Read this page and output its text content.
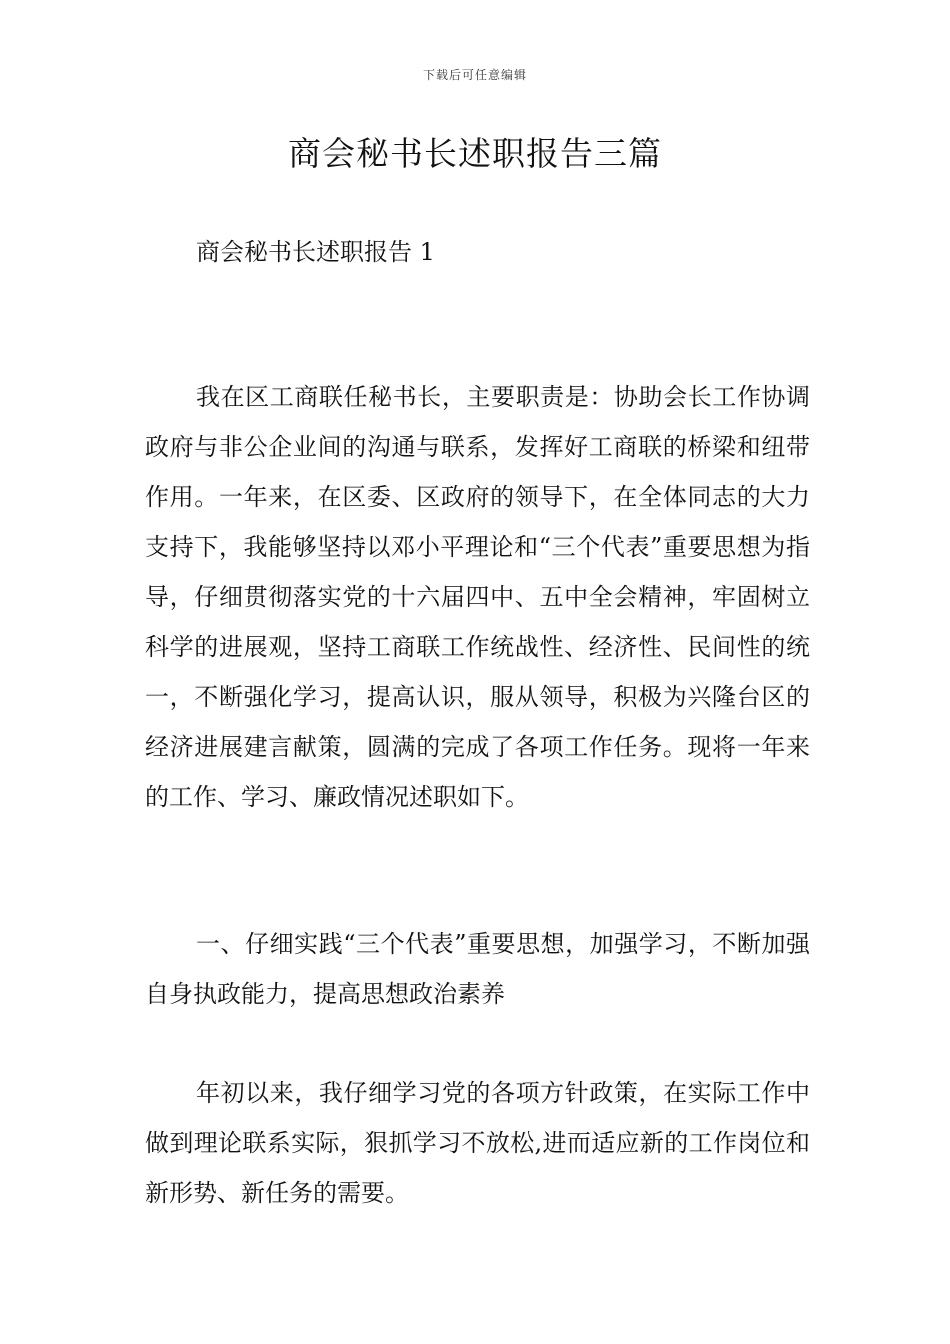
下载后可任意编辑
商会秘书长述职报告三篇
商会秘书长述职报告 1

我在区工商联任秘书长，主要职责是：协助会长工作协调政府与非公企业间的沟通与联系，发挥好工商联的桥梁和纽带作用。一年来，在区委、区政府的领导下，在全体同志的大力支持下，我能够坚持以邓小平理论和“三个代表”重要思想为指导，仔细贯彻落实党的十六届四中、五中全会精神，牢固树立科学的进展观，坚持工商联工作统战性、经济性、民间性的统一，不断强化学习，提高认识，服从领导，积极为兴隆台区的经济进展建言献策，圆满的完成了各项工作任务。现将一年来的工作、学习、廉政情况述职如下。

一、仔细实践“三个代表”重要思想，加强学习，不断加强自身执政能力，提高思想政治素养

年初以来，我仔细学习党的各项方针政策，在实际工作中做到理论联系实际，狠抓学习不放松,进而适应新的工作岗位和新形势、新任务的需要。
